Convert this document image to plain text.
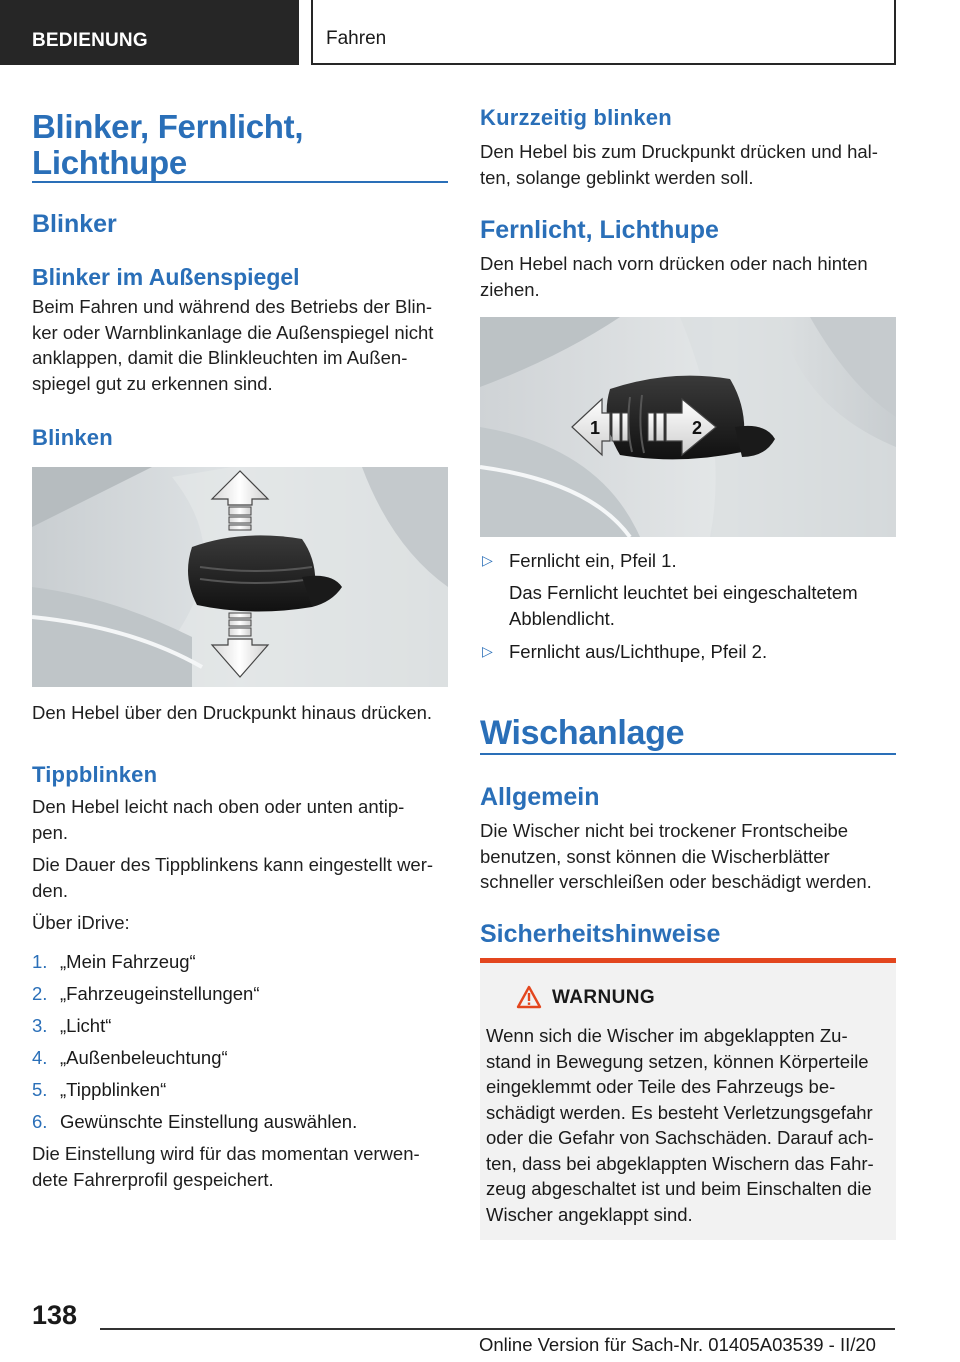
BEDIENUNG	Fahren
Blinker, Fernlicht,
Lichthupe
Blinker
Blinker im Außenspiegel
Beim Fahren und während des Betriebs der Blin-
ker oder Warnblinkanlage die Außenspiegel nicht
anklappen, damit die Blinkleuchten im Außen-
spiegel gut zu erkennen sind.
Blinken
Den Hebel über den Druckpunkt hinaus drücken.
Tippblinken
Den Hebel leicht nach oben oder unten antip-
pen.
Die Dauer des Tippblinkens kann eingestellt wer-
den.
Über iDrive:
1. „Mein Fahrzeug“
2. „Fahrzeugeinstellungen“
3. „Licht“
4. „Außenbeleuchtung“
5. „Tippblinken“
6. Gewünschte Einstellung auswählen.
Die Einstellung wird für das momentan verwen-
dete Fahrerprofil gespeichert.
Kurzzeitig blinken
Den Hebel bis zum Druckpunkt drücken und hal-
ten, solange geblinkt werden soll.
Fernlicht, Lichthupe
Den Hebel nach vorn drücken oder nach hinten
ziehen.
1	2
▷ Fernlicht ein, Pfeil 1.
Das Fernlicht leuchtet bei eingeschaltetem
Abblendlicht.
▷ Fernlicht aus/Lichthupe, Pfeil 2.
Wischanlage
Allgemein
Die Wischer nicht bei trockener Frontscheibe
benutzen, sonst können die Wischerblätter
schneller verschleißen oder beschädigt werden.
Sicherheitshinweise
WARNUNG
Wenn sich die Wischer im abgeklappten Zu-
stand in Bewegung setzen, können Körperteile
eingeklemmt oder Teile des Fahrzeugs be-
schädigt werden. Es besteht Verletzungsgefahr
oder die Gefahr von Sachschäden. Darauf ach-
ten, dass bei abgeklappten Wischern das Fahr-
zeug abgeschaltet ist und beim Einschalten die
Wischer angeklappt sind.
138
Online Version für Sach-Nr. 01405A03539 - II/20
